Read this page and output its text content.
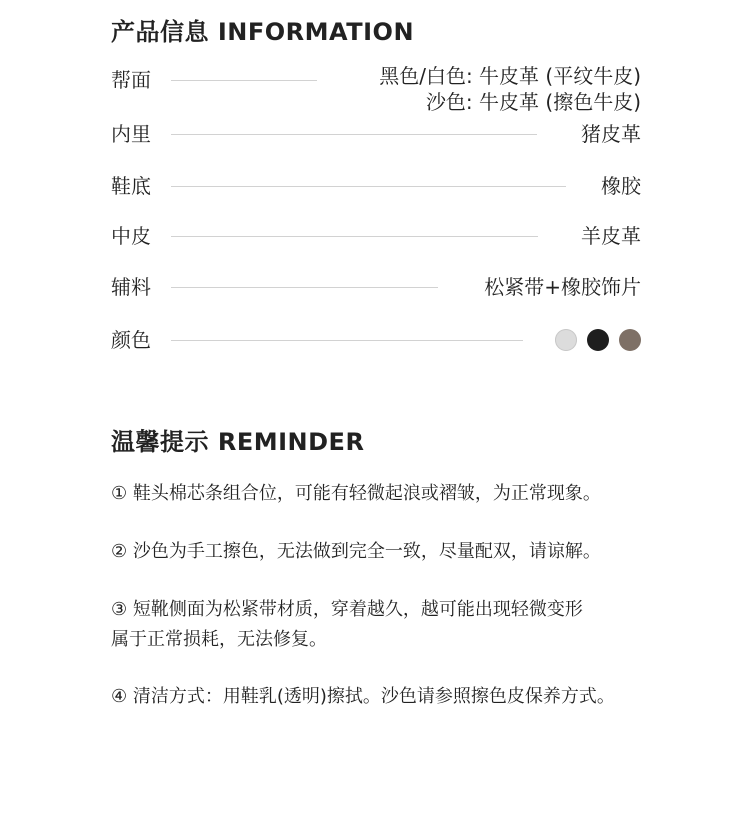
产品信息 INFORMATION
帮面	黑色/白色: 牛皮革 (平纹牛皮)
沙色: 牛皮革 (擦色牛皮)
内里	猪皮革
鞋底	橡胶
中皮	羊皮革
辅料	松紧带+橡胶饰片
颜色
温馨提示 REMINDER
① 鞋头棉芯条组合位，可能有轻微起浪或褶皱，为正常现象。
② 沙色为手工擦色，无法做到完全一致，尽量配双，请谅解。
③ 短靴侧面为松紧带材质，穿着越久，越可能出现轻微变形
属于正常损耗，无法修复。
④ 清洁方式：用鞋乳(透明)擦拭。沙色请参照擦色皮保养方式。
